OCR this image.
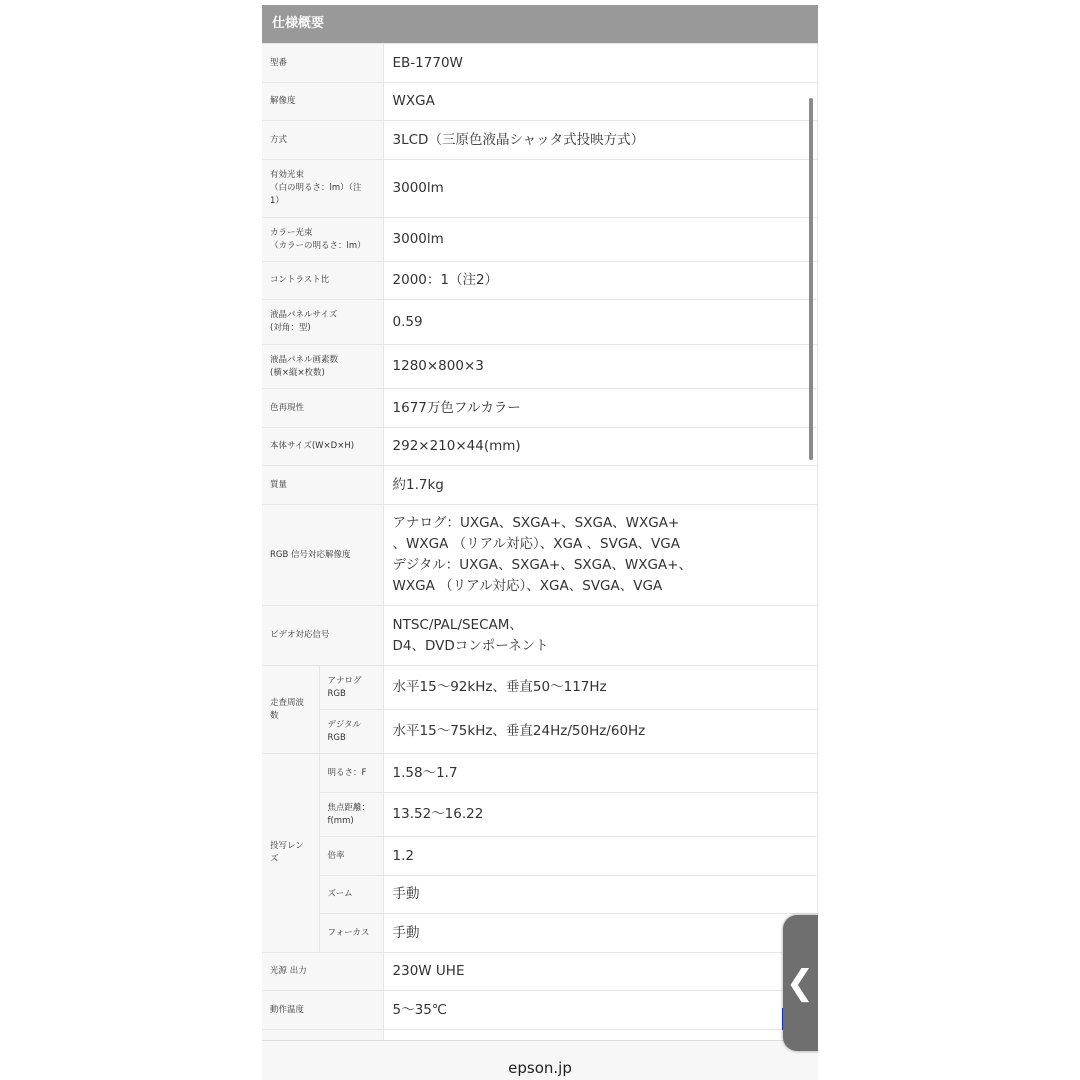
仕様概要
型番		EB-1770W
解像度		WXGA
方式		3LCD（三原色液晶シャッタ式投映方式）
有効光束
（白の明るさ：lm）（注
1）		3000lm
カラー光束
（カラーの明るさ：lm）		3000lm
コントラスト比		2000：1（注2）
液晶パネルサイズ
(対角：型)		0.59
液晶パネル画素数
(横×縦×枚数)		1280×800×3
色再現性		1677万色フルカラー
本体サイズ(W×D×H)		292×210×44(mm)
質量		約1.7kg
RGB 信号対応解像度		アナログ：UXGA、SXGA+、SXGA、WXGA+
、WXGA （リアル対応）、XGA 、SVGA、VGA
デジタル：UXGA、SXGA+、SXGA、WXGA+、
WXGA （リアル対応）、XGA、SVGA、VGA
ビデオ対応信号		NTSC/PAL/SECAM、
D4、DVDコンポーネント
走査周波
数	アナログ
RGB	水平15～92kHz、垂直50～117Hz
	デジタル
RGB	水平15～75kHz、垂直24Hz/50Hz/60Hz
投写レン
ズ	明るさ：F	1.58～1.7
	焦点距離：
f(mm)	13.52～16.22
	倍率	1.2
	ズーム	手動
	フォーカス	手動
光源 出力		230W UHE
動作温度		5～35℃

epson.jp
❮
